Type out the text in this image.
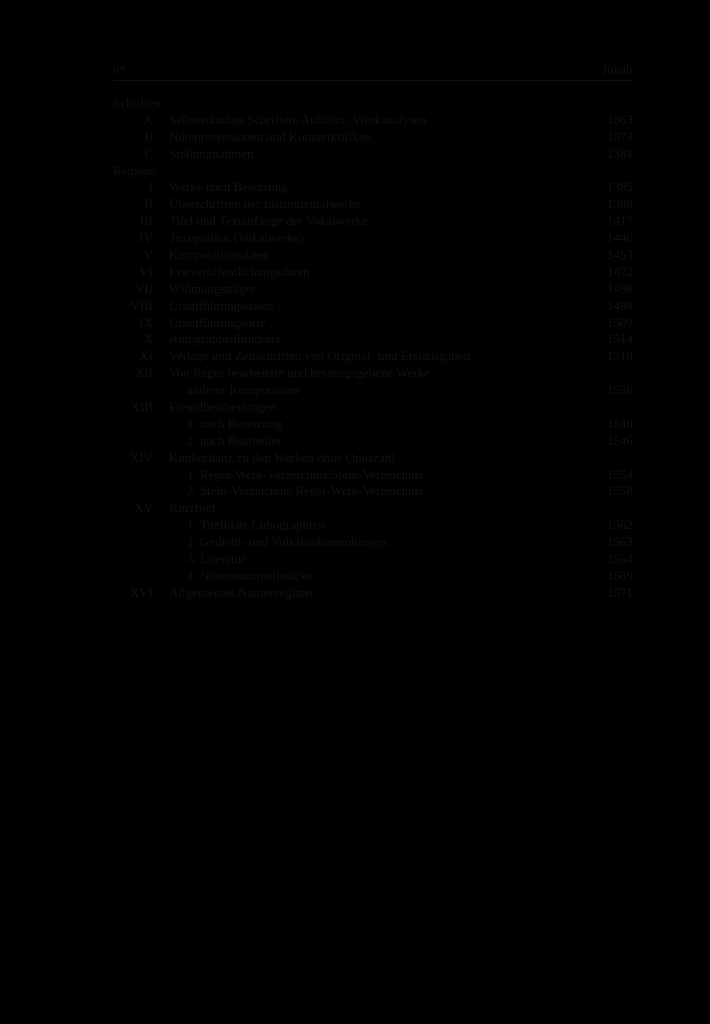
6*	Inhalt
Schriften
A Selbstständige Schriften, Aufsätze, Werkanalysen . . .	1363
B Notenrezensionen und Konzertkritiken . . .	1373
C Stellungnahmen . . .	1381
Register
I Werke nach Besetzung . . .	1385
II Überschriften der Instrumentalwerke . . .	1398
III Titel und Textanfänge der Vokalwerke . . .	1417
IV Textquellen (Vokalwerke) . . .	1446
V Kompositionsdaten . . .	1453
VI Erstveröffentlichungsdaten . . .	1472
VII Widmungsträger . . .	1490
VIII Uraufführungsdaten . . .	1498
IX Uraufführungsorte . . .	1509
X Autographenfundorte . . .	1514
XI Verlage und Zeitschriften von Original- und Erstausgaben . . .	1519
XII Von Reger bearbeitete und herausgegebene Werke
anderer Komponisten . . .	1536
XIII Fremdbearbeitungen
1. nach Besetzung . . .	1540
2. nach Bearbeiter . . .	1546
XIV Konkordanz zu den Werken ohne Opuszahl
1. Reger-Werk-Verzeichnis/Stein-Verzeichnis . . .	1554
2. Stein-Verzeichnis/Reger-Werk-Verzeichnis . . .	1558
XV Kurztitel
1. Titelblatt-Lithographien . . .	1562
2. Gedicht- und Volksliedsammlungen . . .	1563
3. Literatur . . .	1564
4. Notenstammeltstücke . . .	1569
XVI Allgemeines Namenregister . . .	1571
